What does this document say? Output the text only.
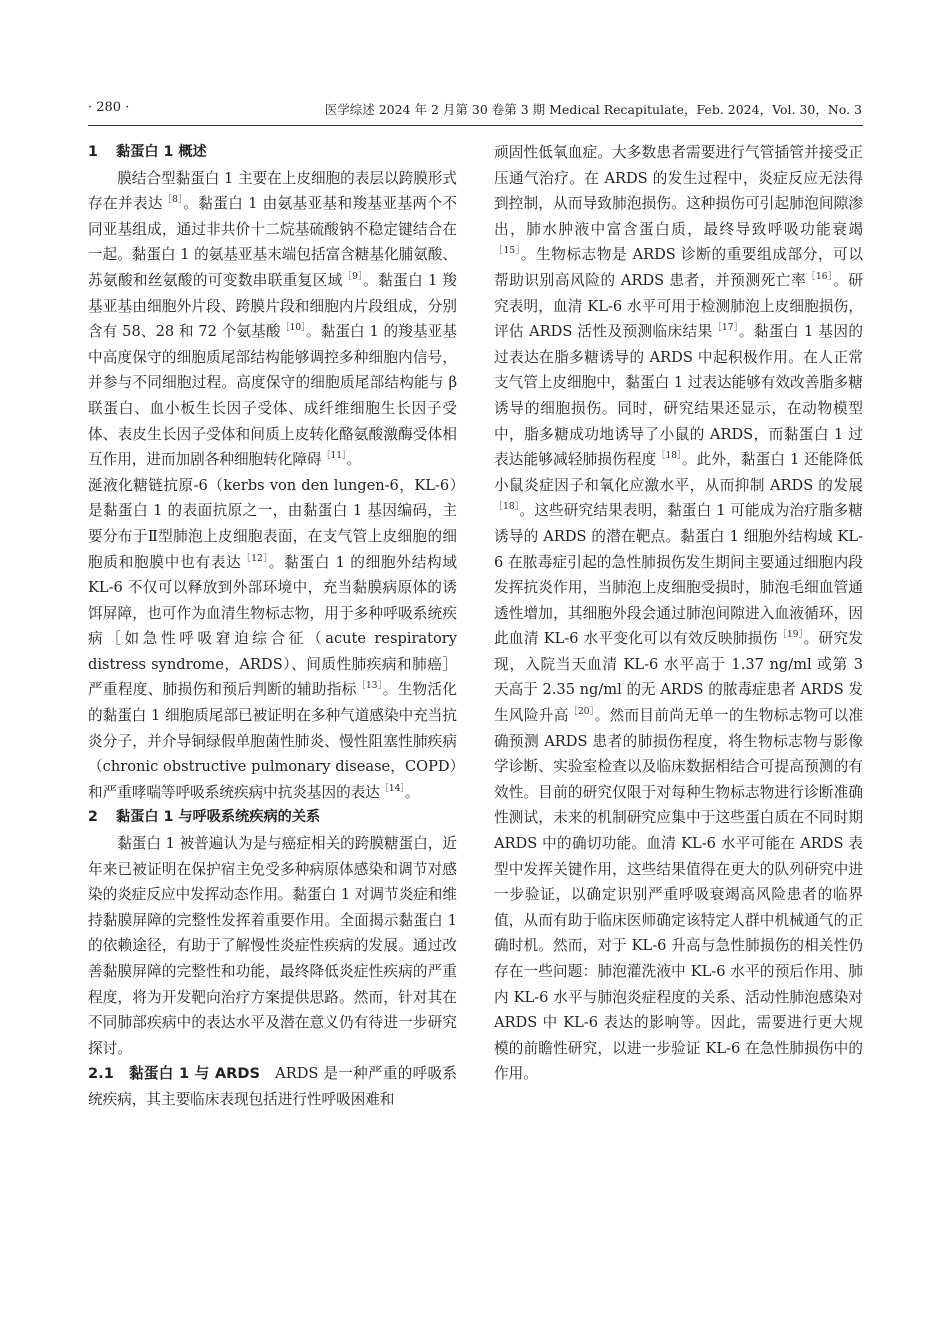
· 280 ·	医学综述 2024 年 2 月第 30 卷第 3 期 Medical Recapitulate，Feb. 2024，Vol. 30，No. 3
1 黏蛋白 1 概述

膜结合型黏蛋白 1 主要在上皮细胞的表层以跨膜形式存在并表达$^{[8]}$。黏蛋白 1 由氨基亚基和羧基亚基两个不同亚基组成，通过非共价十二烷基硫酸钠不稳定键结合在一起。黏蛋白 1 的氨基亚基末端包括富含糖基化脯氨酸、苏氨酸和丝氨酸的可变数串联重复区域$^{[9]}$。黏蛋白 1 羧基亚基由细胞外片段、跨膜片段和细胞内片段组成，分别含有 58、28 和 72 个氨基酸$^{[10]}$。黏蛋白 1 的羧基亚基中高度保守的细胞质尾部结构能够调控多种细胞内信号，并参与不同细胞过程。高度保守的细胞质尾部结构能与 β 联蛋白、血小板生长因子受体、成纤维细胞生长因子受体、表皮生长因子受体和间质上皮转化酪氨酸激酶受体相互作用，进而加剧各种细胞转化障碍$^{[11]}$。

涎液化糖链抗原-6（kerbs von den lungen-6，KL-6）是黏蛋白 1 的表面抗原之一，由黏蛋白 1 基因编码，主要分布于Ⅱ型肺泡上皮细胞表面，在支气管上皮细胞的细胞质和胞膜中也有表达$^{[12]}$。黏蛋白 1 的细胞外结构域 KL-6 不仅可以释放到外部环境中，充当黏膜病原体的诱饵屏障，也可作为血清生物标志物，用于多种呼吸系统疾病［如急性呼吸窘迫综合征（acute respiratory distress syndrome，ARDS）、间质性肺疾病和肺癌］严重程度、肺损伤和预后判断的辅助指标$^{[13]}$。生物活化的黏蛋白 1 细胞质尾部已被证明在多种气道感染中充当抗炎分子，并介导铜绿假单胞菌性肺炎、慢性阻塞性肺疾病（chronic obstructive pulmonary disease，COPD）和严重哮喘等呼吸系统疾病中抗炎基因的表达$^{[14]}$。

2 黏蛋白 1 与呼吸系统疾病的关系

黏蛋白 1 被普遍认为是与癌症相关的跨膜糖蛋白，近年来已被证明在保护宿主免受多种病原体感染和调节对感染的炎症反应中发挥动态作用。黏蛋白 1 对调节炎症和维持黏膜屏障的完整性发挥着重要作用。全面揭示黏蛋白 1 的依赖途径，有助于了解慢性炎症性疾病的发展。通过改善黏膜屏障的完整性和功能，最终降低炎症性疾病的严重程度，将为开发靶向治疗方案提供思路。然而，针对其在不同肺部疾病中的表达水平及潜在意义仍有待进一步研究探讨。

2.1　黏蛋白 1 与 ARDS　ARDS 是一种严重的呼吸系统疾病，其主要临床表现包括进行性呼吸困难和

顽固性低氧血症。大多数患者需要进行气管插管并接受正压通气治疗。在 ARDS 的发生过程中，炎症反应无法得到控制，从而导致肺泡损伤。这种损伤可引起肺泡间隙渗出，肺水肿液中富含蛋白质，最终导致呼吸功能衰竭$^{[15]}$。生物标志物是 ARDS 诊断的重要组成部分，可以帮助识别高风险的 ARDS 患者，并预测死亡率$^{[16]}$。研究表明，血清 KL-6 水平可用于检测肺泡上皮细胞损伤，评估 ARDS 活性及预测临床结果$^{[17]}$。黏蛋白 1 基因的过表达在脂多糖诱导的 ARDS 中起积极作用。在人正常支气管上皮细胞中，黏蛋白 1 过表达能够有效改善脂多糖诱导的细胞损伤。同时，研究结果还显示，在动物模型中，脂多糖成功地诱导了小鼠的 ARDS，而黏蛋白 1 过表达能够减轻肺损伤程度$^{[18]}$。此外，黏蛋白 1 还能降低小鼠炎症因子和氧化应激水平，从而抑制 ARDS 的发展$^{[18]}$。这些研究结果表明，黏蛋白 1 可能成为治疗脂多糖诱导的 ARDS 的潜在靶点。黏蛋白 1 细胞外结构域 KL-6 在脓毒症引起的急性肺损伤发生期间主要通过细胞内段发挥抗炎作用，当肺泡上皮细胞受损时，肺泡毛细血管通透性增加，其细胞外段会通过肺泡间隙进入血液循环，因此血清 KL-6 水平变化可以有效反映肺损伤$^{[19]}$。研究发现，入院当天血清 KL-6 水平高于 1.37 ng/ml 或第 3 天高于 2.35 ng/ml 的无 ARDS 的脓毒症患者 ARDS 发生风险升高$^{[20]}$。然而目前尚无单一的生物标志物可以准确预测 ARDS 患者的肺损伤程度，将生物标志物与影像学诊断、实验室检查以及临床数据相结合可提高预测的有效性。目前的研究仅限于对每种生物标志物进行诊断准确性测试，未来的机制研究应集中于这些蛋白质在不同时期 ARDS 中的确切功能。血清 KL-6 水平可能在 ARDS 表型中发挥关键作用，这些结果值得在更大的队列研究中进一步验证，以确定识别严重呼吸衰竭高风险患者的临界值，从而有助于临床医师确定该特定人群中机械通气的正确时机。然而，对于 KL-6 升高与急性肺损伤的相关性仍存在一些问题：肺泡灌洗液中 KL-6 水平的预后作用、肺内 KL-6 水平与肺泡炎症程度的关系、活动性肺泡感染对 ARDS 中 KL-6 表达的影响等。因此，需要进行更大规模的前瞻性研究，以进一步验证 KL-6 在急性肺损伤中的作用。
